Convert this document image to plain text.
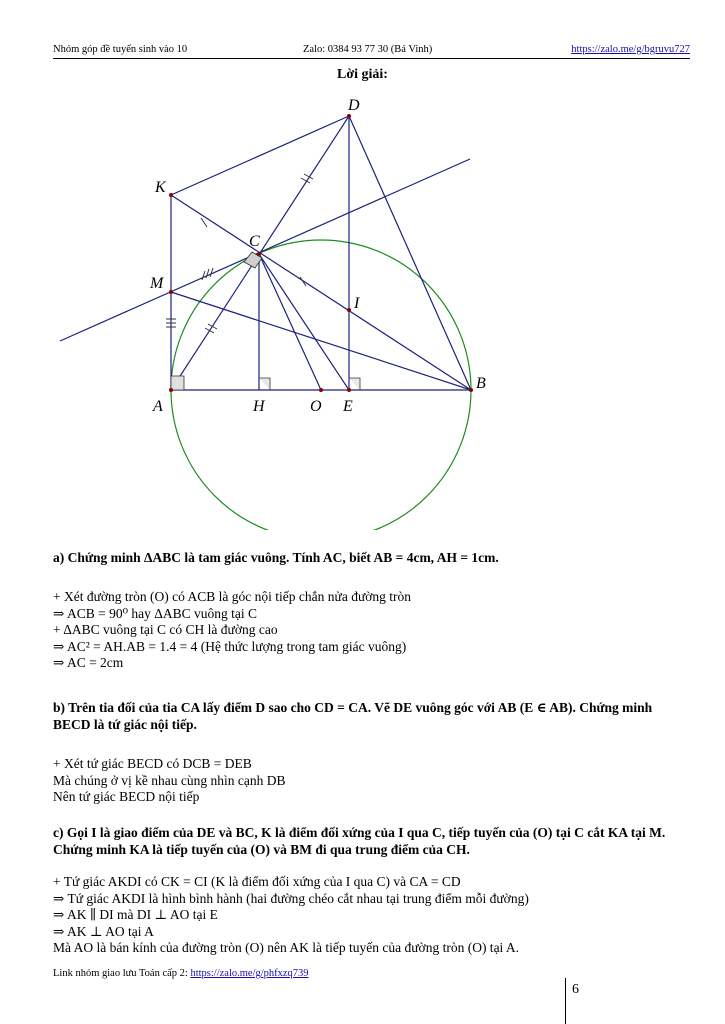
Nhóm góp đề tuyển sinh vào 10	Zalo: 0384 93 77 30 (Bá Vinh)	https://zalo.me/g/bgruvu727
Lời giải:
D
K
C
M
I
A	H	O E
B

a) Chứng minh ΔABC là tam giác vuông. Tính AC, biết AB = 4cm, AH = 1cm.

+ Xét đường tròn (O) có ACB là góc nội tiếp chắn nửa đường tròn

⇒ ACB = 90⁰ hay ΔABC vuông tại C

+ ΔABC vuông tại C có CH là đường cao

⇒ AC² = AH.AB = 1.4 = 4 (Hệ thức lượng trong tam giác vuông)

⇒ AC = 2cm

b) Trên tia đối của tia CA lấy điểm D sao cho CD = CA. Vẽ DE vuông góc với AB (E ∈ AB). Chứng minh BECD là tứ giác nội tiếp.

+ Xét tứ giác BECD có DCB = DEB

Mà chúng ở vị kề nhau cùng nhìn cạnh DB

Nên tứ giác BECD nội tiếp

c) Gọi I là giao điểm của DE và BC, K là điểm đối xứng của I qua C, tiếp tuyến của (O) tại C cắt KA tại M. Chứng minh KA là tiếp tuyến của (O) và BM đi qua trung điểm của CH.

+ Tứ giác AKDI có CK = CI (K là điểm đối xứng của I qua C) và CA = CD

⇒ Tứ giác AKDI là hình bình hành (hai đường chéo cắt nhau tại trung điểm mỗi đường)

⇒ AK ∥ DI mà DI ⊥ AO tại E

⇒ AK ⊥ AO tại A

Mà AO là bán kính của đường tròn (O) nên AK là tiếp tuyến của đường tròn (O) tại A.

Link nhóm giao lưu Toán cấp 2: https://zalo.me/g/phfxzq739
6
